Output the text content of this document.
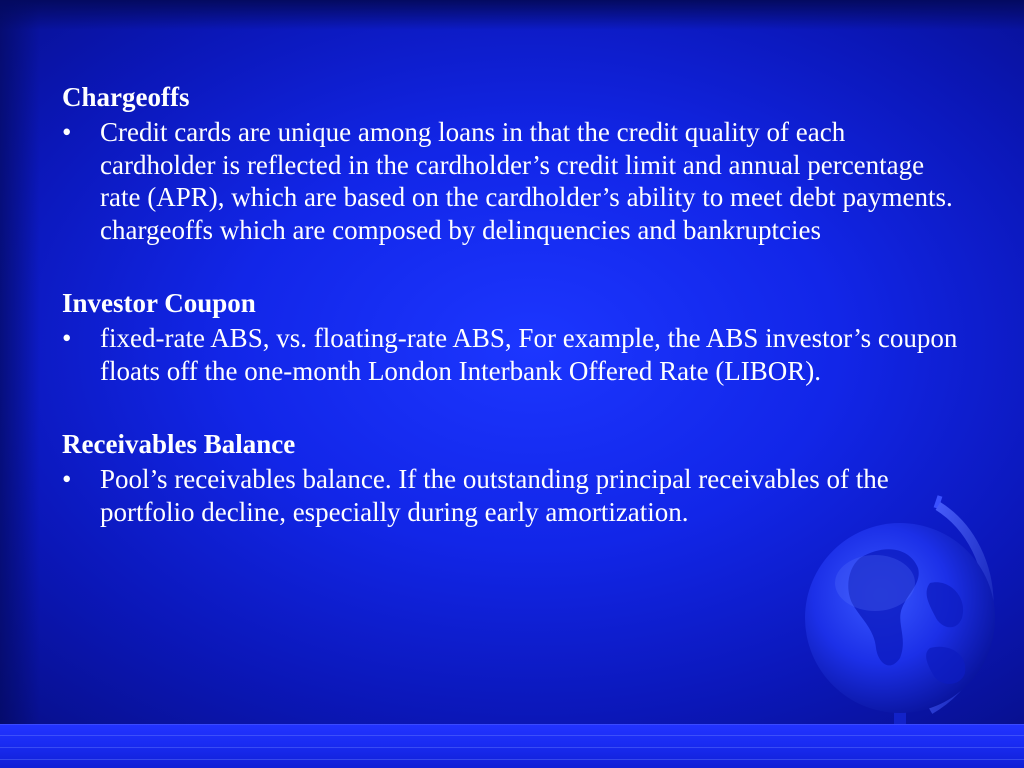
Chargeoffs

• Credit cards are unique among loans in that the credit quality of each cardholder is reflected in the cardholder’s credit limit and annual percentage rate (APR), which are based on the cardholder’s ability to meet debt payments. chargeoffs which are composed by delinquencies and bankruptcies

Investor Coupon

• fixed-rate ABS, vs. floating-rate ABS, For example, the ABS investor’s coupon floats off the one-month London Interbank Offered Rate (LIBOR).

Receivables Balance

• Pool’s receivables balance. If the outstanding principal receivables of the portfolio decline, especially during early amortization.
